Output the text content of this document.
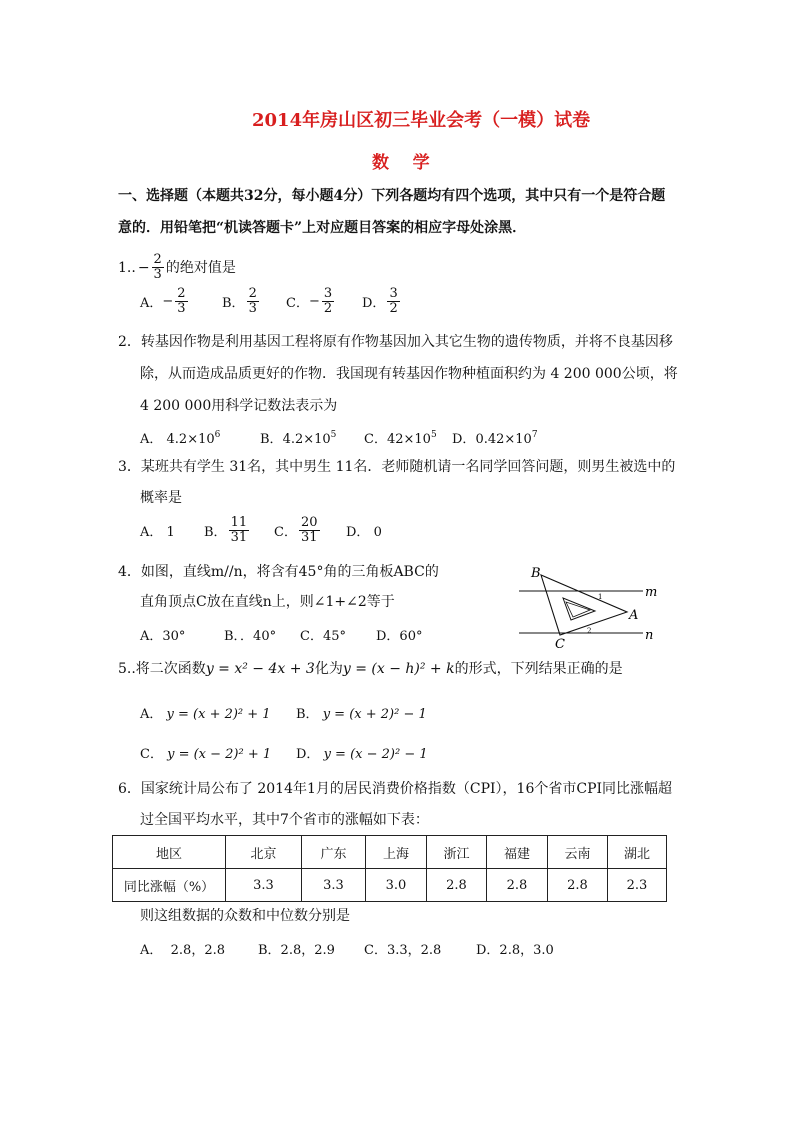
2014年房山区初三毕业会考（一模）试卷
数    学
一、选择题（本题共32分，每小题4分）下列各题均有四个选项，其中只有一个是符合题
意的．用铅笔把“机读答题卡”上对应题目答案的相应字母处涂黑．
1.. − $\frac{2}{3}$ 的绝对值是
A． − $\frac{2}{3}$	B． $\frac{2}{3}$ C． − $\frac{3}{2}$ D． $\frac{3}{2}$
2．转基因作物是利用基因工程将原有作物基因加入其它生物的遗传物质，并将不良基因移
除，从而造成品质更好的作物．我国现有转基因作物种植面积约为 4 200 000公顷，将
4 200 000用科学记数法表示为
A． $4.2\times 10^6$	B．$4.2\times 10^5$ C．$42\times 10^5$ D．$0.42\times 10^7$
3．某班共有学生 31名，其中男生 11名．老师随机请一名同学回答问题，则男生被选中的
概率是
A． 1	B． $\frac{11}{31}$ C． $\frac{20}{31}$ D． 0
4．如图，直线m//n，将含有45°角的三角板ABC的
直角顶点C放在直线n上，则∠1+∠2等于
A．30°	B．．40° C．45° D．60°
B
A
C
m
n
1
2
5..将二次函数y = x² − 4x + 3化为y = (x − h)² + k的形式，下列结果正确的是
A． y = (x + 2)² + 1 B． y = (x + 2)² − 1
C． y = (x − 2)² + 1 D． y = (x − 2)² − 1
6．国家统计局公布了 2014年1月的居民消费价格指数（CPI），16个省市CPI同比涨幅超
过全国平均水平，其中7个省市的涨幅如下表：
地区	北京	广东	上海	浙江	福建	云南	湖北
同比涨幅（%）	3.3	3.3	3.0	2.8	2.8	2.8	2.3
则这组数据的众数和中位数分别是
A．  2.8，2.8	B．2.8，2.9 C．3.3，2.8	D．2.8，3.0
